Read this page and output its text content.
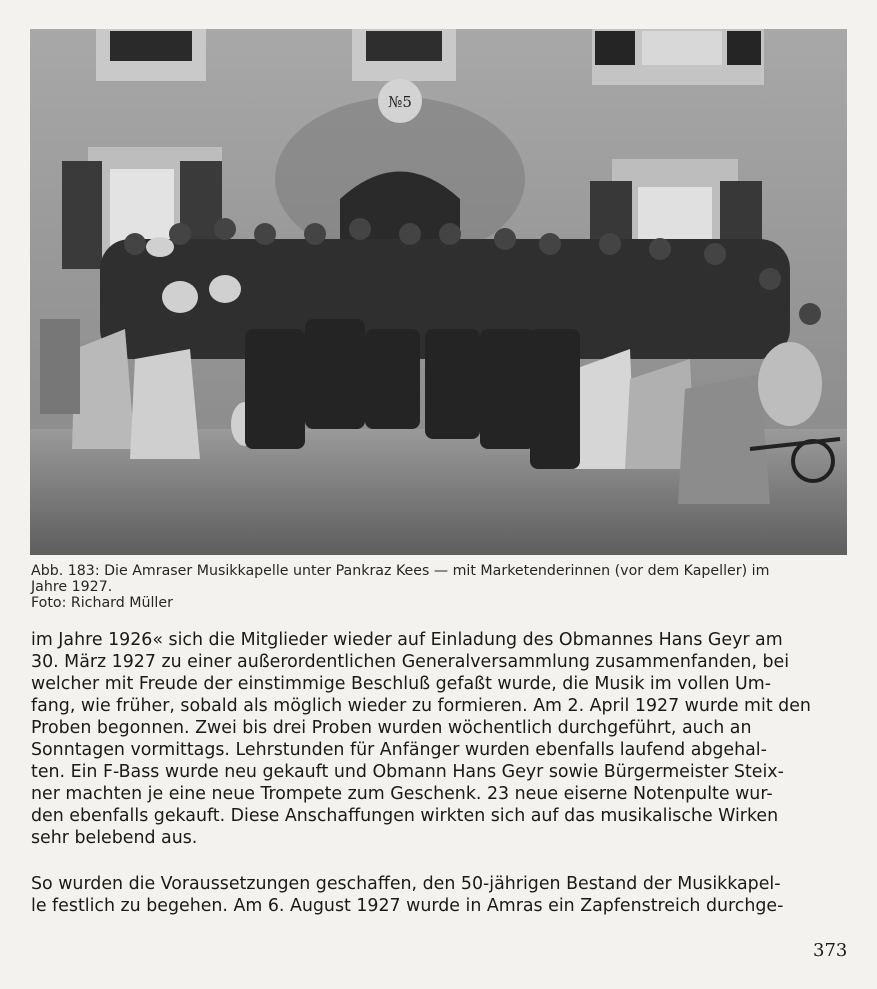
№5
Abb. 183: Die Amraser Musikkapelle unter Pankraz Kees — mit Marketenderinnen (vor dem Kapeller) im
Jahre 1927.
Foto: Richard Müller
im Jahre 1926« sich die Mitglieder wieder auf Einladung des Obmannes Hans Geyr am
30. März 1927 zu einer außerordentlichen Generalversammlung zusammenfanden, bei
welcher mit Freude der einstimmige Beschluß gefaßt wurde, die Musik im vollen Um-
fang, wie früher, sobald als möglich wieder zu formieren. Am 2. April 1927 wurde mit den
Proben begonnen. Zwei bis drei Proben wurden wöchentlich durchgeführt, auch an
Sonntagen vormittags. Lehrstunden für Anfänger wurden ebenfalls laufend abgehal-
ten. Ein F-Bass wurde neu gekauft und Obmann Hans Geyr sowie Bürgermeister Steix-
ner machten je eine neue Trompete zum Geschenk. 23 neue eiserne Notenpulte wur-
den ebenfalls gekauft. Diese Anschaffungen wirkten sich auf das musikalische Wirken
sehr belebend aus.
So wurden die Voraussetzungen geschaffen, den 50-jährigen Bestand der Musikkapel-
le festlich zu begehen. Am 6. August 1927 wurde in Amras ein Zapfenstreich durchge-
373
